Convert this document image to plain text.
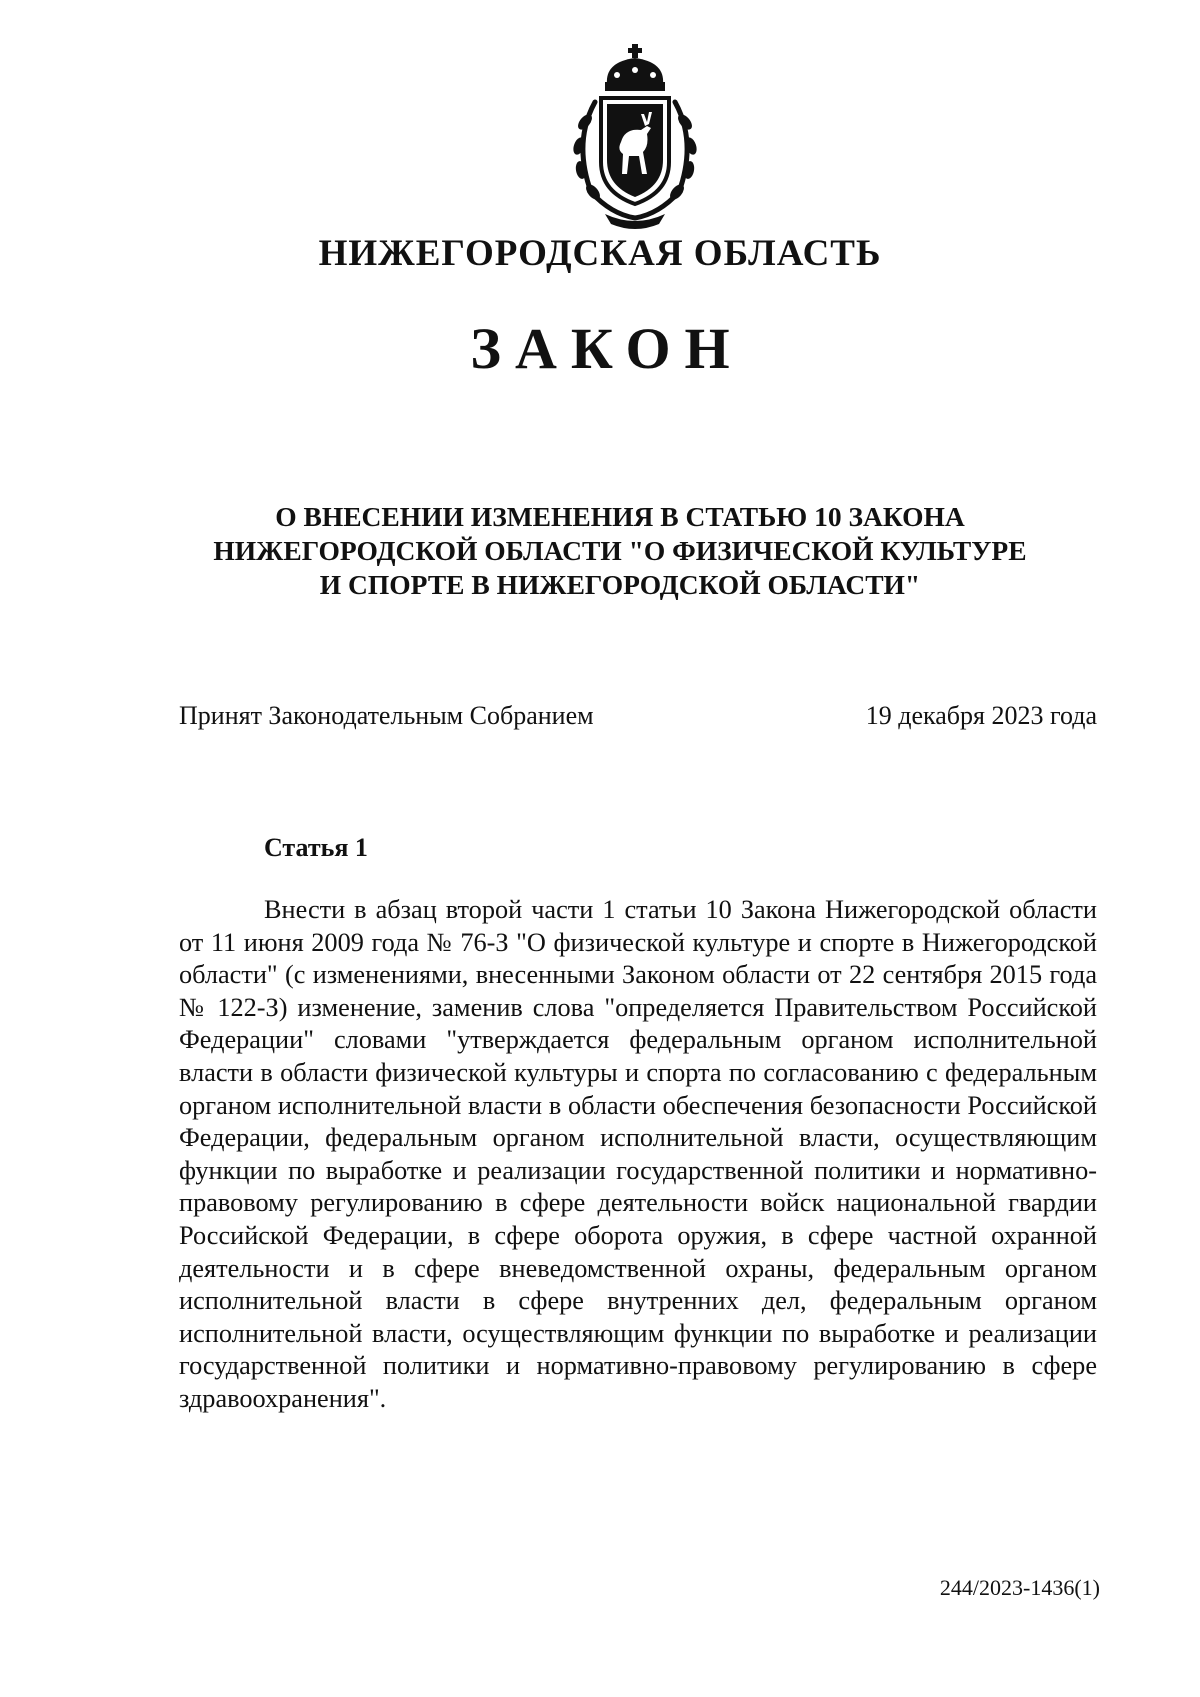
НИЖЕГОРОДСКАЯ ОБЛАСТЬ
ЗАКОН
О ВНЕСЕНИИ ИЗМЕНЕНИЯ В СТАТЬЮ 10 ЗАКОНА
НИЖЕГОРОДСКОЙ ОБЛАСТИ "О ФИЗИЧЕСКОЙ КУЛЬТУРЕ
И СПОРТЕ В НИЖЕГОРОДСКОЙ ОБЛАСТИ"
Принят Законодательным Собранием	19 декабря 2023 года
Статья 1

Внести в абзац второй части 1 статьи 10 Закона Нижегородской области от 11 июня 2009 года № 76-З "О физической культуре и спорте в Нижегородской области" (с изменениями, внесенными Законом области от 22 сентября 2015 года № 122-З) изменение, заменив слова "определяется Правительством Российской Федерации" словами "утверждается федеральным органом исполнительной власти в области физической культуры и спорта по согласованию с федеральным органом исполнительной власти в области обеспечения безопасности Российской Федерации, федеральным органом исполнительной власти, осуществляющим функции по выработке и реализации государственной политики и нормативно-правовому регулированию в сфере деятельности войск национальной гвардии Российской Федерации, в сфере оборота оружия, в сфере частной охранной деятельности и в сфере вневедомственной охраны, федеральным органом исполнительной власти в сфере внутренних дел, федеральным органом исполнительной власти, осуществляющим функции по выработке и реализации государственной политики и нормативно-правовому регулированию в сфере здравоохранения".

244/2023-1436(1)
